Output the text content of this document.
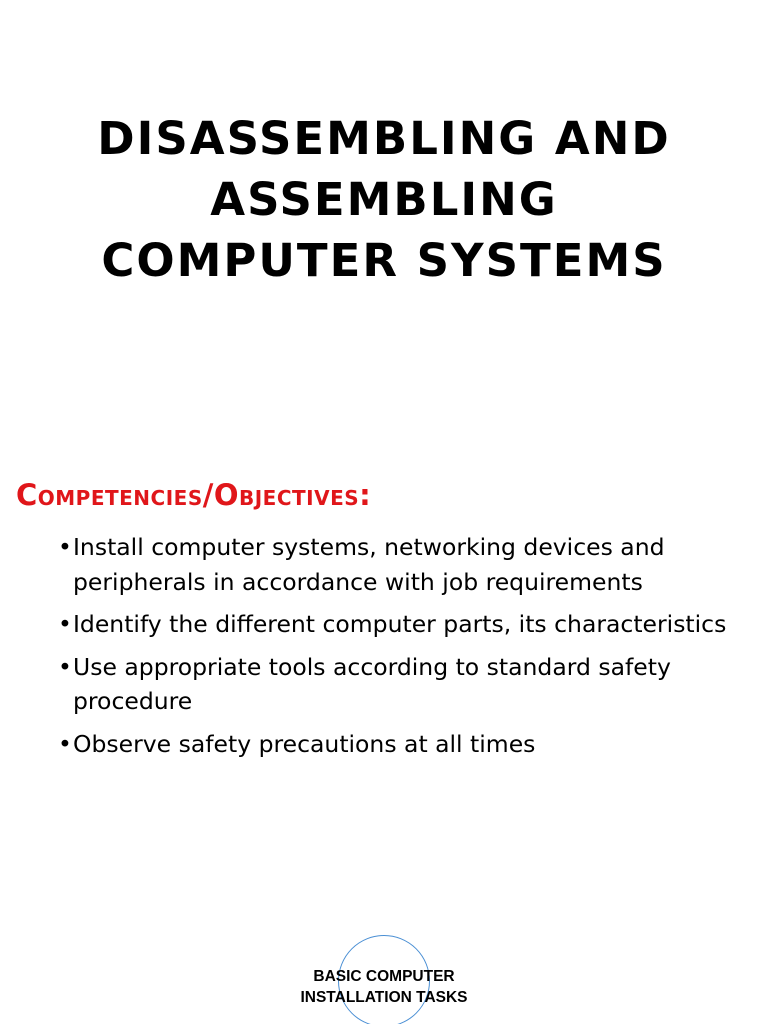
DISASSEMBLING AND
ASSEMBLING
COMPUTER SYSTEMS
Competencies/Objectives:
• Install computer systems, networking devices and peripherals in accordance with job requirements
• Identify the different computer parts, its characteristics
• Use appropriate tools according to standard safety procedure
• Observe safety precautions at all times
BASIC COMPUTER
INSTALLATION TASKS
